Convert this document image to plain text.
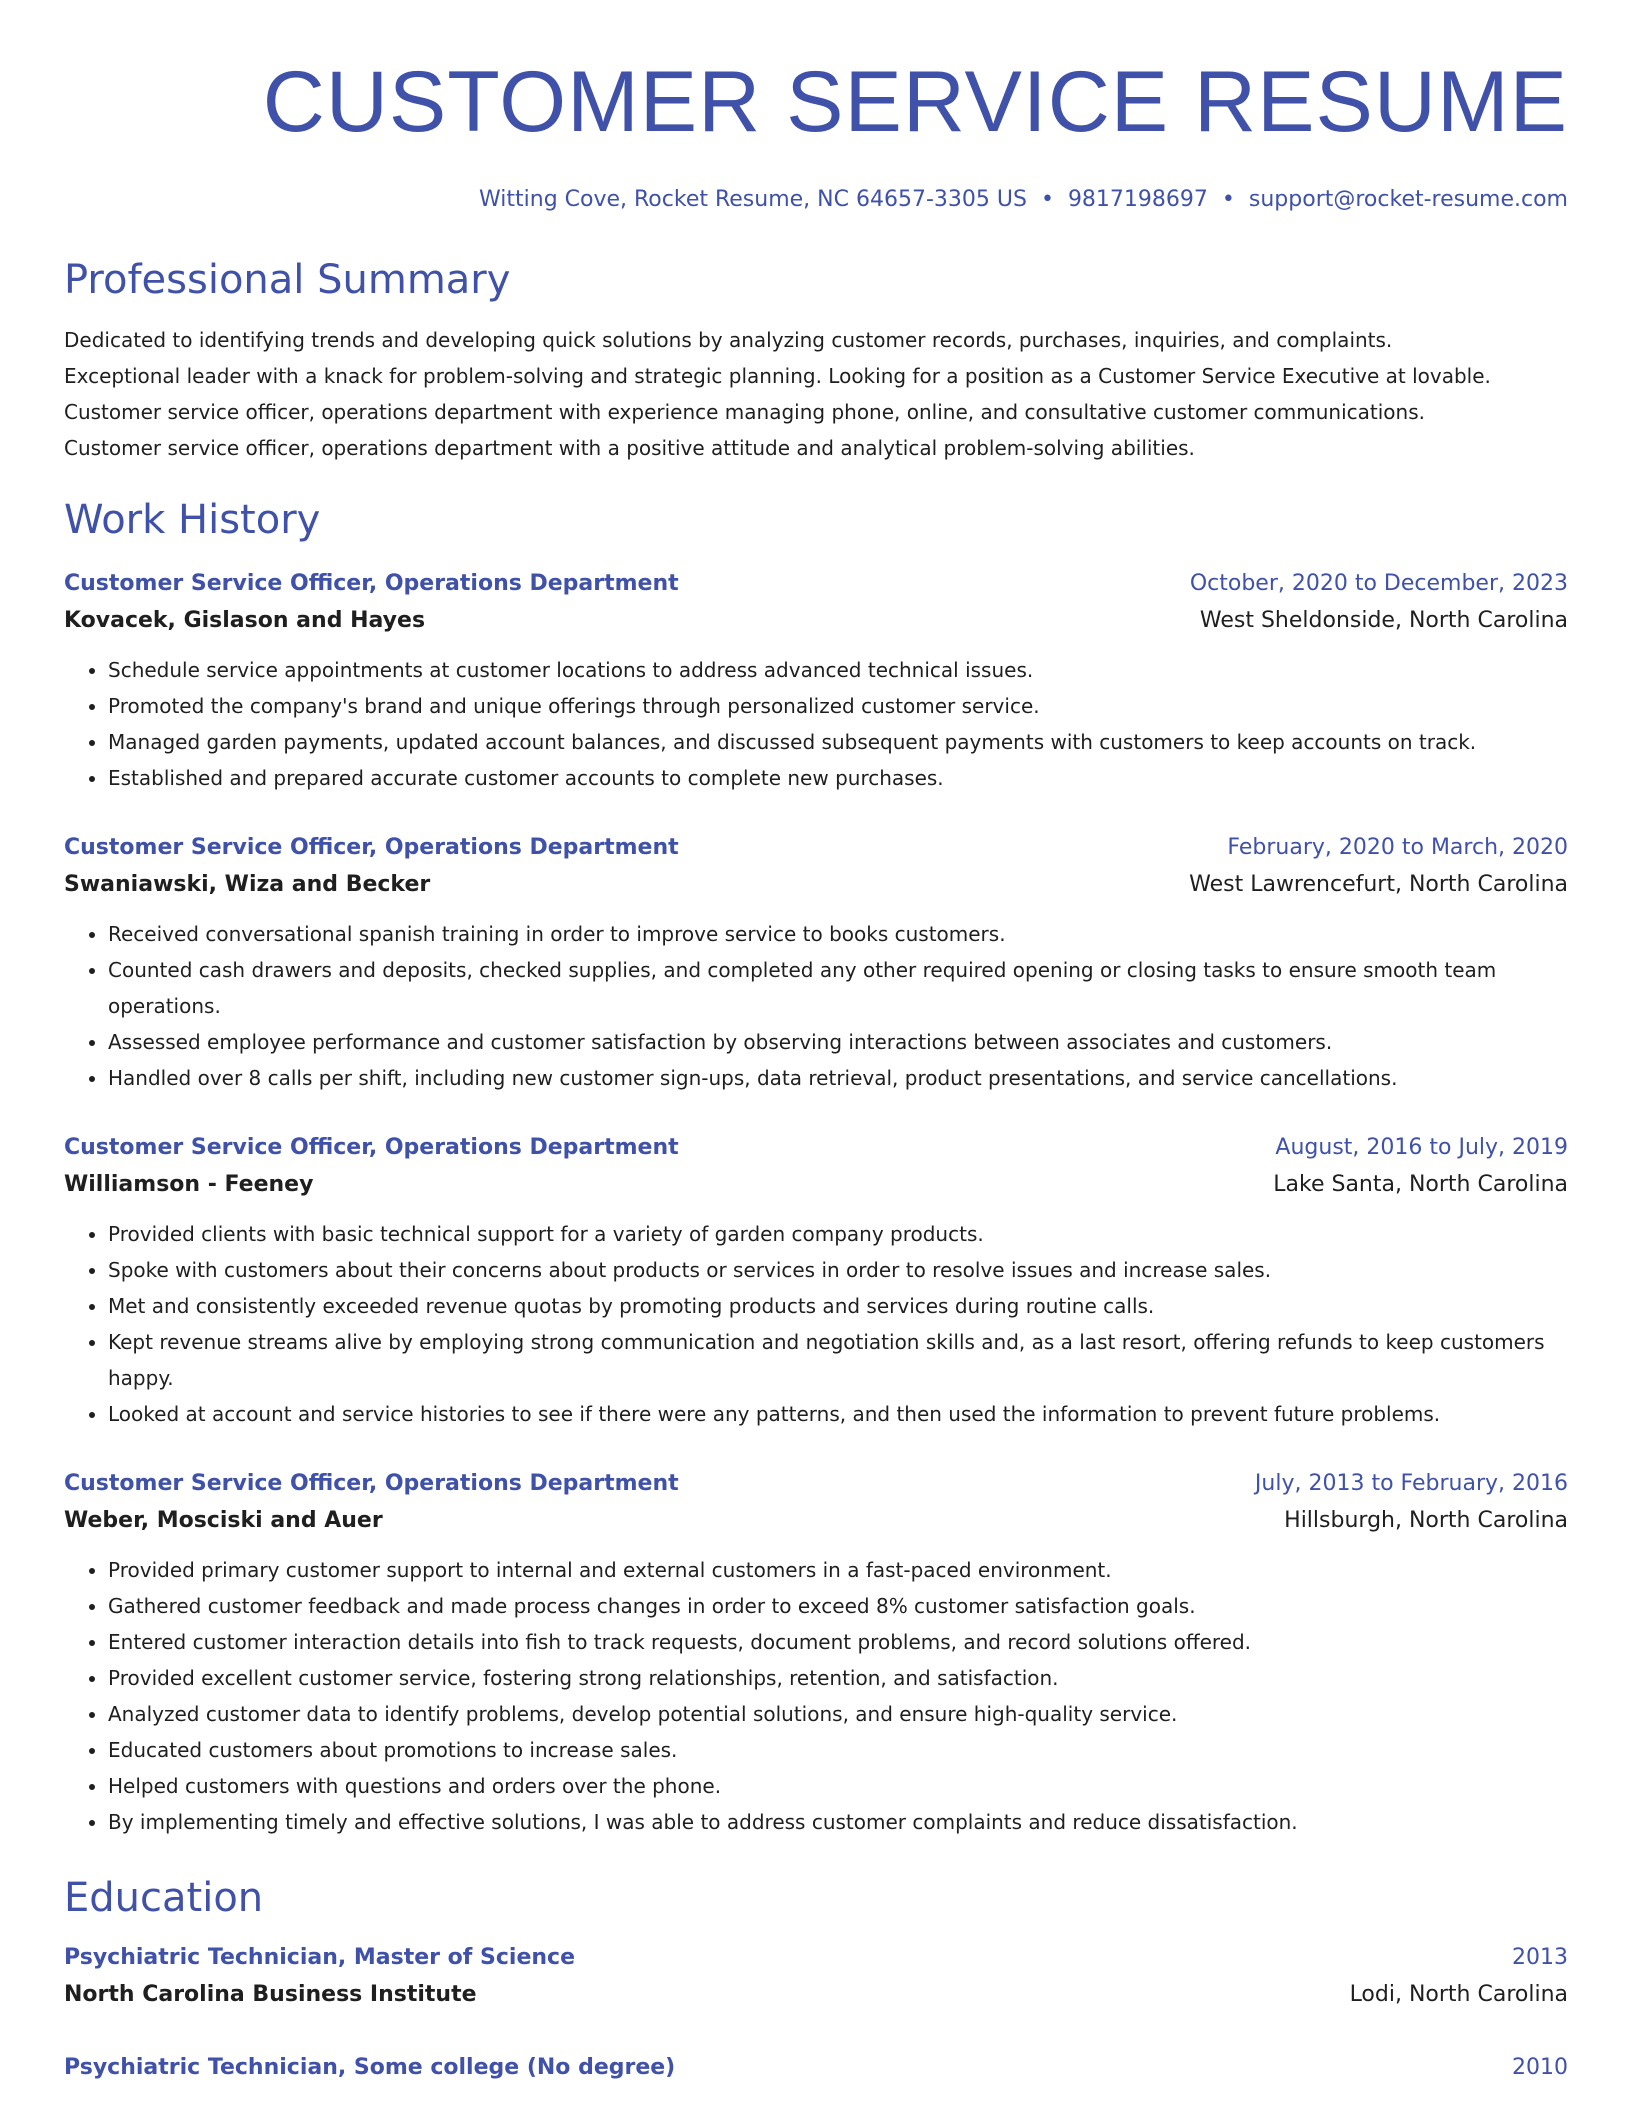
CUSTOMER SERVICE RESUME
Witting Cove, Rocket Resume, NC 64657-3305 US • 9817198697 • support@rocket-resume.com
Professional Summary
Dedicated to identifying trends and developing quick solutions by analyzing customer records, purchases, inquiries, and complaints.
Exceptional leader with a knack for problem-solving and strategic planning. Looking for a position as a Customer Service Executive at lovable.
Customer service officer, operations department with experience managing phone, online, and consultative customer communications.
Customer service officer, operations department with a positive attitude and analytical problem-solving abilities.
Work History
Customer Service Officer, Operations Department	October, 2020 to December, 2023
Kovacek, Gislason and Hayes	West Sheldonside, North Carolina
• Schedule service appointments at customer locations to address advanced technical issues.
• Promoted the company's brand and unique offerings through personalized customer service.
• Managed garden payments, updated account balances, and discussed subsequent payments with customers to keep accounts on track.
• Established and prepared accurate customer accounts to complete new purchases.
Customer Service Officer, Operations Department	February, 2020 to March, 2020
Swaniawski, Wiza and Becker	West Lawrencefurt, North Carolina
• Received conversational spanish training in order to improve service to books customers.
• Counted cash drawers and deposits, checked supplies, and completed any other required opening or closing tasks to ensure smooth team operations.
• Assessed employee performance and customer satisfaction by observing interactions between associates and customers.
• Handled over 8 calls per shift, including new customer sign-ups, data retrieval, product presentations, and service cancellations.
Customer Service Officer, Operations Department	August, 2016 to July, 2019
Williamson - Feeney	Lake Santa, North Carolina
• Provided clients with basic technical support for a variety of garden company products.
• Spoke with customers about their concerns about products or services in order to resolve issues and increase sales.
• Met and consistently exceeded revenue quotas by promoting products and services during routine calls.
• Kept revenue streams alive by employing strong communication and negotiation skills and, as a last resort, offering refunds to keep customers happy.
• Looked at account and service histories to see if there were any patterns, and then used the information to prevent future problems.
Customer Service Officer, Operations Department	July, 2013 to February, 2016
Weber, Mosciski and Auer	Hillsburgh, North Carolina
• Provided primary customer support to internal and external customers in a fast-paced environment.
• Gathered customer feedback and made process changes in order to exceed 8% customer satisfaction goals.
• Entered customer interaction details into fish to track requests, document problems, and record solutions offered.
• Provided excellent customer service, fostering strong relationships, retention, and satisfaction.
• Analyzed customer data to identify problems, develop potential solutions, and ensure high-quality service.
• Educated customers about promotions to increase sales.
• Helped customers with questions and orders over the phone.
• By implementing timely and effective solutions, I was able to address customer complaints and reduce dissatisfaction.
Education
Psychiatric Technician, Master of Science	2013
North Carolina Business Institute	Lodi, North Carolina
Psychiatric Technician, Some college (No degree)	2010
